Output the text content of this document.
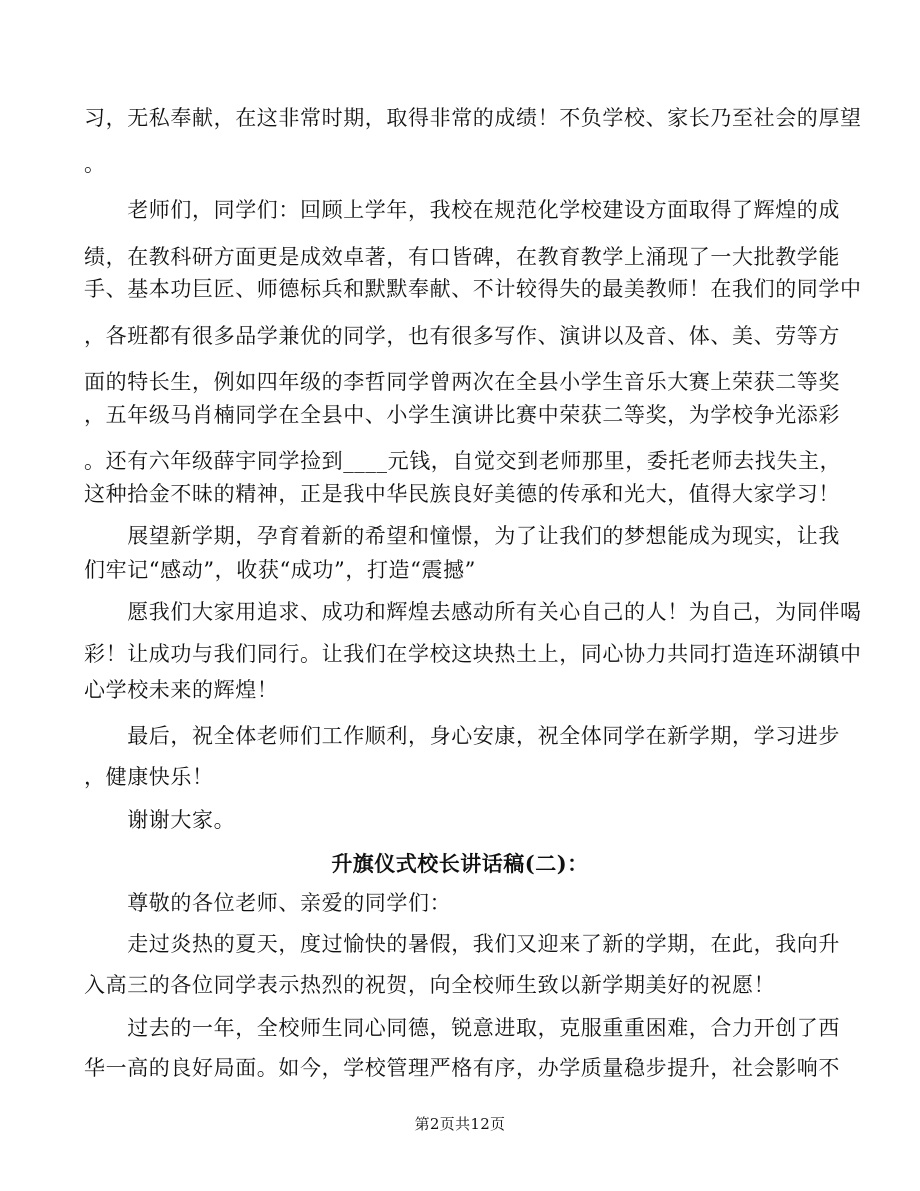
习，无私奉献，在这非常时期，取得非常的成绩！不负学校、家长乃至社会的厚望
。
　　老师们，同学们：回顾上学年，我校在规范化学校建设方面取得了辉煌的成
绩，在教科研方面更是成效卓著，有口皆碑，在教育教学上涌现了一大批教学能
手、基本功巨匠、师德标兵和默默奉献、不计较得失的最美教师！在我们的同学中
，各班都有很多品学兼优的同学，也有很多写作、演讲以及音、体、美、劳等方
面的特长生，例如四年级的李哲同学曾两次在全县小学生音乐大赛上荣获二等奖
，五年级马肖楠同学在全县中、小学生演讲比赛中荣获二等奖，为学校争光添彩
。还有六年级薛宇同学捡到____元钱，自觉交到老师那里，委托老师去找失主，
这种拾金不昧的精神，正是我中华民族良好美德的传承和光大，值得大家学习！
　　展望新学期，孕育着新的希望和憧憬，为了让我们的梦想能成为现实，让我
们牢记“感动”，收获“成功”，打造“震撼”
　　愿我们大家用追求、成功和辉煌去感动所有关心自己的人！为自己，为同伴喝
彩！让成功与我们同行。让我们在学校这块热土上，同心协力共同打造连环湖镇中
心学校未来的辉煌！
　　最后，祝全体老师们工作顺利，身心安康，祝全体同学在新学期，学习进步
，健康快乐！
　　谢谢大家。
升旗仪式校长讲话稿(二)：
　　尊敬的各位老师、亲爱的同学们：
　　走过炎热的夏天，度过愉快的暑假，我们又迎来了新的学期，在此，我向升
入高三的各位同学表示热烈的祝贺，向全校师生致以新学期美好的祝愿！
　　过去的一年，全校师生同心同德，锐意进取，克服重重困难，合力开创了西
华一高的良好局面。如今，学校管理严格有序，办学质量稳步提升，社会影响不
第2页共12页
